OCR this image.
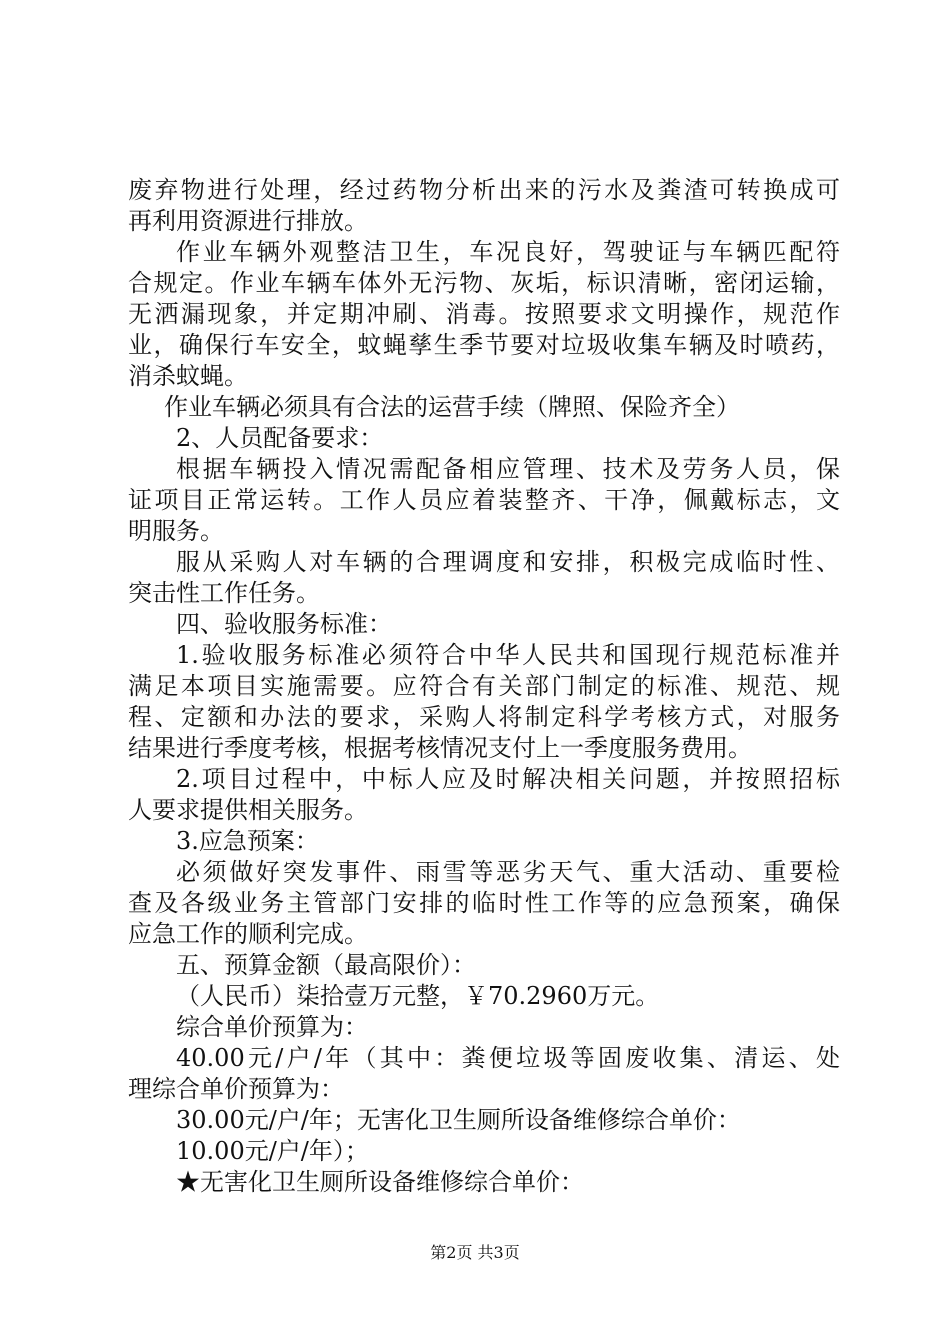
废弃物进行处理，经过药物分析出来的污水及粪渣可转换成可
再利用资源进行排放。
作业车辆外观整洁卫生，车况良好，驾驶证与车辆匹配符
合规定。作业车辆车体外无污物、灰垢，标识清晰，密闭运输，
无洒漏现象，并定期冲刷、消毒。按照要求文明操作，规范作
业，确保行车安全，蚊蝇孳生季节要对垃圾收集车辆及时喷药，
消杀蚊蝇。
作业车辆必须具有合法的运营手续（牌照、保险齐全）
2、人员配备要求：
根据车辆投入情况需配备相应管理、技术及劳务人员，保
证项目正常运转。工作人员应着装整齐、干净，佩戴标志，文
明服务。
服从采购人对车辆的合理调度和安排，积极完成临时性、
突击性工作任务。
四、验收服务标准：
1.验收服务标准必须符合中华人民共和国现行规范标准并
满足本项目实施需要。应符合有关部门制定的标准、规范、规
程、定额和办法的要求，采购人将制定科学考核方式，对服务
结果进行季度考核，根据考核情况支付上一季度服务费用。
2.项目过程中，中标人应及时解决相关问题，并按照招标
人要求提供相关服务。
3.应急预案：
必须做好突发事件、雨雪等恶劣天气、重大活动、重要检
查及各级业务主管部门安排的临时性工作等的应急预案，确保
应急工作的顺利完成。
五、预算金额（最高限价）：
（人民币）柒拾壹万元整，￥70.2960万元。
综合单价预算为：
40.00元/户/年（其中：粪便垃圾等固废收集、清运、处
理综合单价预算为：
30.00元/户/年；无害化卫生厕所设备维修综合单价：
10.00元/户/年）；
★无害化卫生厕所设备维修综合单价：
第2页 共3页
